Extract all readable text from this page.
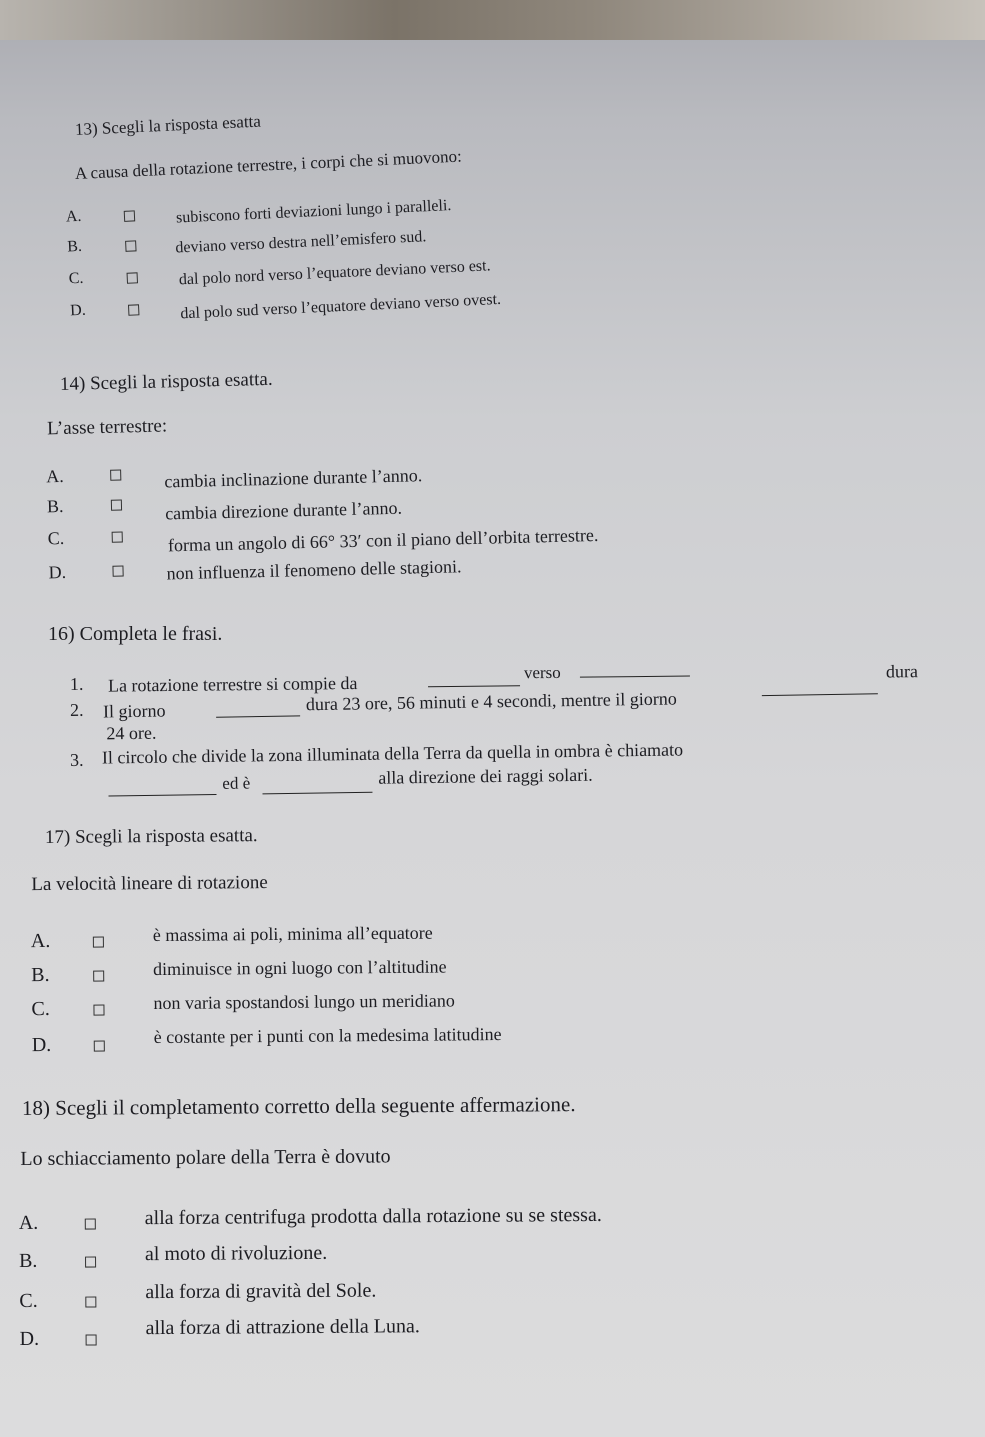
13) Scegli la risposta esatta
A causa della rotazione terrestre, i corpi che si muovono:
A.	subiscono forti deviazioni lungo i paralleli.
B.	deviano verso destra nell’emisfero sud.
C.	dal polo nord verso l’equatore deviano verso est.
D.	dal polo sud verso l’equatore deviano verso ovest.
14) Scegli la risposta esatta.
L’asse terrestre:
A.	cambia inclinazione durante l’anno.
B.	cambia direzione durante l’anno.
C.	forma un angolo di 66° 33′ con il piano dell’orbita terrestre.
D.	non influenza il fenomeno delle stagioni.
16) Completa le frasi.
1. La rotazione terrestre si compie da
verso	dura
2. Il giorno	dura 23 ore, 56 minuti e 4 secondi, mentre il giorno
24 ore.
3. Il circolo che divide la zona illuminata della Terra da quella in ombra è chiamato
ed è	alla direzione dei raggi solari.
17) Scegli la risposta esatta.
La velocità lineare di rotazione
A.	è massima ai poli, minima all’equatore
B.	diminuisce in ogni luogo con l’altitudine
C.	non varia spostandosi lungo un meridiano
D.	è costante per i punti con la medesima latitudine
18) Scegli il completamento corretto della seguente affermazione.
Lo schiacciamento polare della Terra è dovuto
A.	alla forza centrifuga prodotta dalla rotazione su se stessa.
B.	al moto di rivoluzione.
C.	alla forza di gravità del Sole.
D.	alla forza di attrazione della Luna.
